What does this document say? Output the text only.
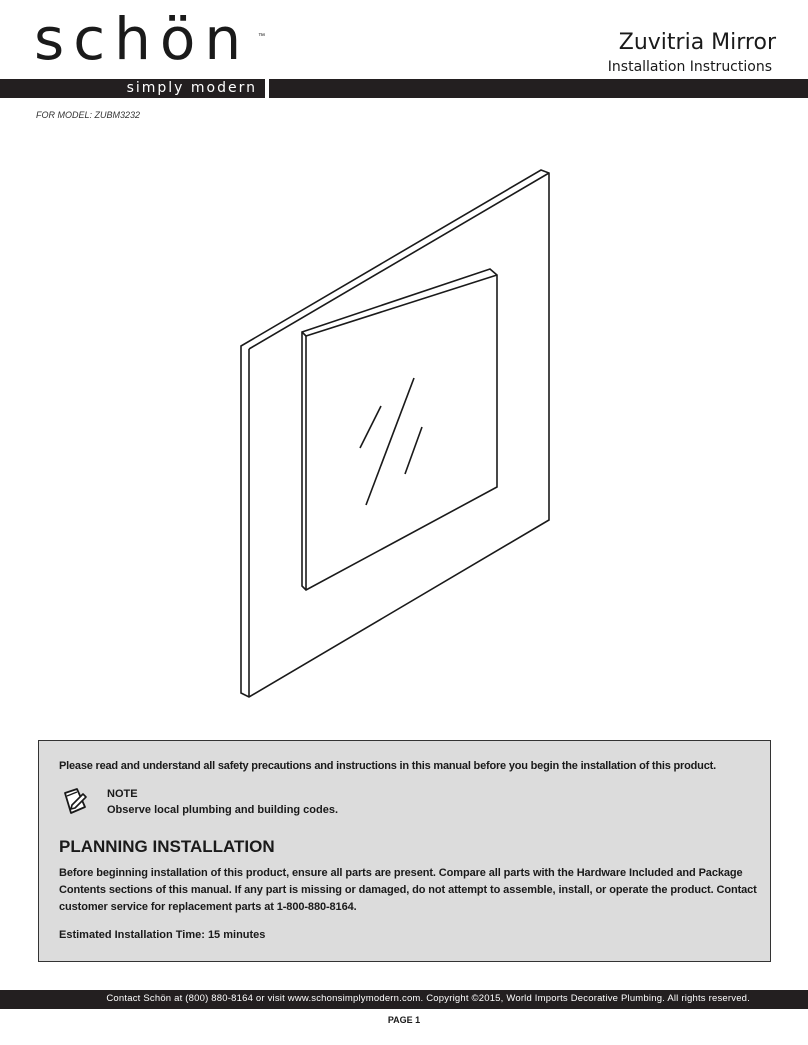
schön ™	Zuvitria Mirror
Installation Instructions
simply modern
FOR MODEL: ZUBM3232

Please read and understand all safety precautions and instructions in this manual before you begin the installation of this product.

NOTE
Observe local plumbing and building codes.
PLANNING INSTALLATION

Before beginning installation of this product, ensure all parts are present. Compare all parts with the Hardware Included and Package Contents sections of this manual. If any part is missing or damaged, do not attempt to assemble, install, or operate the product. Contact customer service for replacement parts at 1-800-880-8164.

Estimated Installation Time: 15 minutes

Contact Schön at (800) 880-8164 or visit www.schonsimplymodern.com. Copyright ©2015, World Imports Decorative Plumbing. All rights reserved.
PAGE 1
